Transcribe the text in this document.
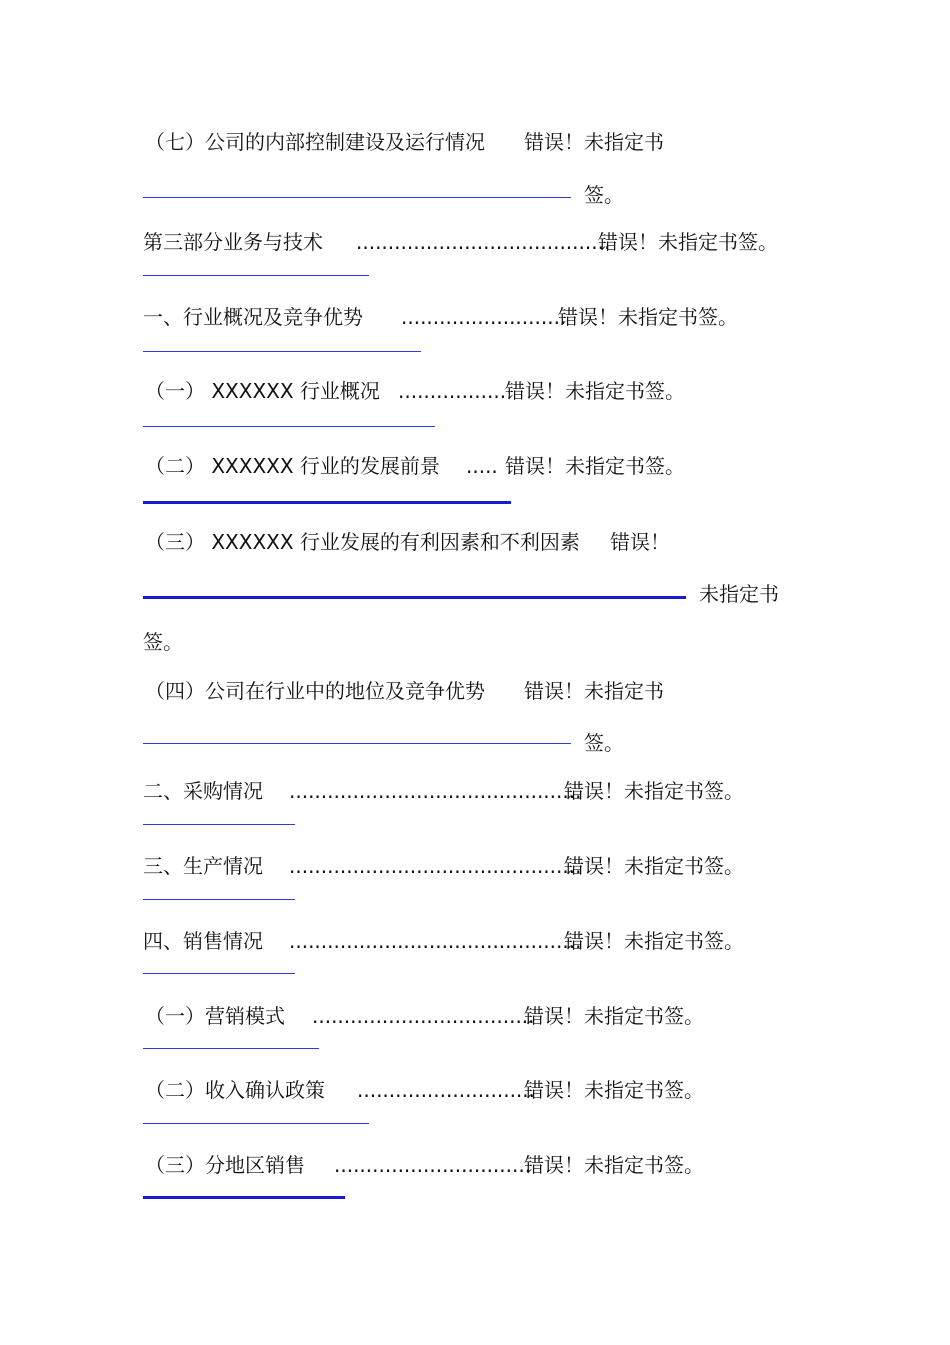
（七）公司的内部控制建设及运行情况 错误！未指定书
签。
第三部分业务与技术 ........................................
错误！未指定书签。
一、行业概况及竞争优势 ..........................
错误！未指定书签。
（一） XXXXXX 行业概况 .................
错误！未指定书签。
（二） XXXXXX 行业的发展前景 ..... 错误！未指定书签。
（三） XXXXXX 行业发展的有利因素和不利因素 错误！
未指定书
签。
（四）公司在行业中的地位及竞争优势 错误！未指定书
签。
二、采购情况 ..............................................
错误！未指定书签。
三、生产情况 ..............................................
错误！未指定书签。
四、销售情况 ..............................................
错误！未指定书签。
（一）营销模式 ...................................
错误！未指定书签。
（二）收入确认政策 ............................
错误！未指定书签。
（三）分地区销售 ...............................
错误！未指定书签。
